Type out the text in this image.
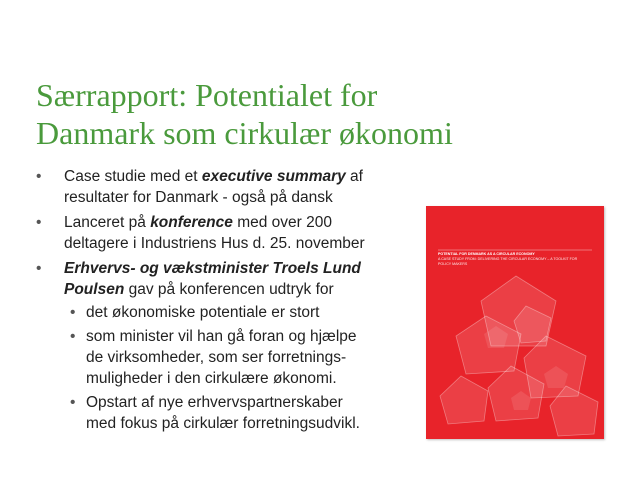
Særrapport: Potentialet for
Danmark som cirkulær økonomi
• Case studie med et executive summary af
resultater for Danmark - også på dansk
• Lanceret på konference med over 200
deltagere i Industriens Hus d. 25. november
• Erhvervs- og vækstminister Troels Lund
Poulsen gav på konferencen udtryk for
• det økonomiske potentiale er stort
• som minister vil han gå foran og hjælpe
de virksomheder, som ser forretnings-
muligheder i den cirkulære økonomi.
• Opstart af nye erhvervspartnerskaber
med fokus på cirkulær forretningsudvikl.
POTENTIAL FOR DENMARK AS A CIRCULAR ECONOMY
A CASE STUDY FROM: DELIVERING THE CIRCULAR ECONOMY – A TOOLKIT FOR POLICY MAKERS
